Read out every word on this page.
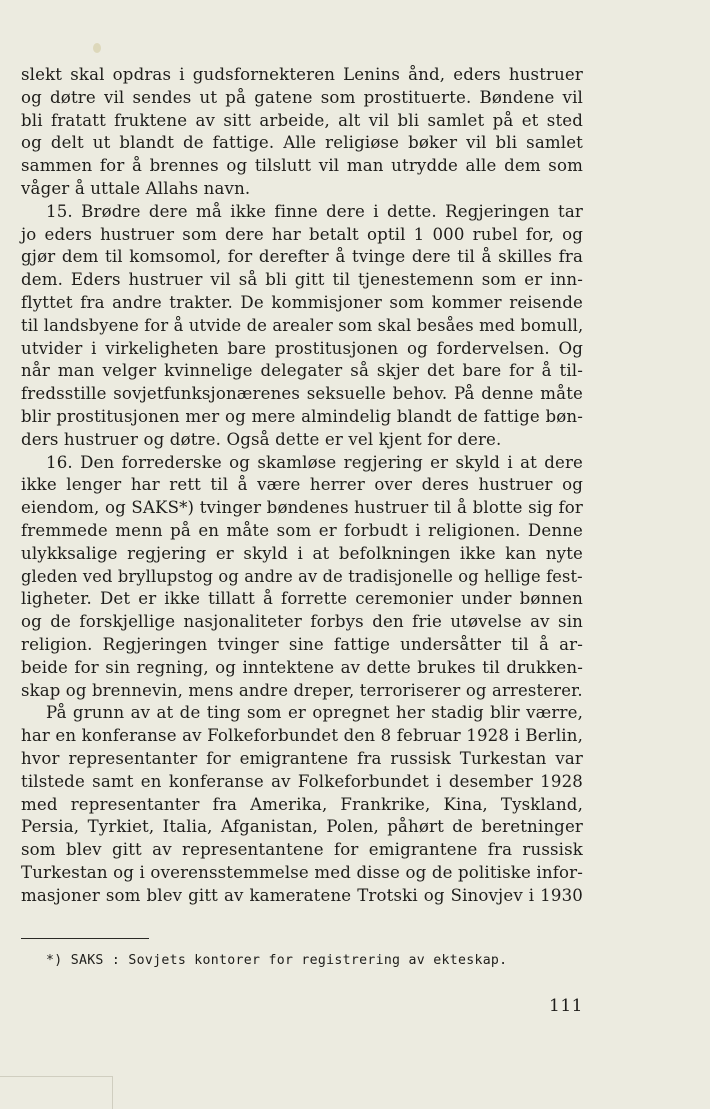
slekt skal opdras i gudsfornekteren Lenins ånd, eders hustruer
og døtre vil sendes ut på gatene som prostituerte. Bøndene vil
bli fratatt fruktene av sitt arbeide, alt vil bli samlet på et sted
og delt ut blandt de fattige. Alle religiøse bøker vil bli samlet
sammen for å brennes og tilslutt vil man utrydde alle dem som
våger å uttale Allahs navn.
15. Brødre dere må ikke finne dere i dette. Regjeringen tar
jo eders hustruer som dere har betalt optil 1 000 rubel for, og
gjør dem til komsomol, for derefter å tvinge dere til å skilles fra
dem. Eders hustruer vil så bli gitt til tjenestemenn som er inn-
flyttet fra andre trakter. De kommisjoner som kommer reisende
til landsbyene for å utvide de arealer som skal besåes med bomull,
utvider i virkeligheten bare prostitusjonen og fordervelsen. Og
når man velger kvinnelige delegater så skjer det bare for å til-
fredsstille sovjetfunksjonærenes seksuelle behov. På denne måte
blir prostitusjonen mer og mere almindelig blandt de fattige bøn-
ders hustruer og døtre. Også dette er vel kjent for dere.
16. Den forrederske og skamløse regjering er skyld i at dere
ikke lenger har rett til å være herrer over deres hustruer og
eiendom, og SAKS*) tvinger bøndenes hustruer til å blotte sig for
fremmede menn på en måte som er forbudt i religionen. Denne
ulykksalige regjering er skyld i at befolkningen ikke kan nyte
gleden ved bryllupstog og andre av de tradisjonelle og hellige fest-
ligheter. Det er ikke tillatt å forrette ceremonier under bønnen
og de forskjellige nasjonaliteter forbys den frie utøvelse av sin
religion. Regjeringen tvinger sine fattige undersåtter til å ar-
beide for sin regning, og inntektene av dette brukes til drukken-
skap og brennevin, mens andre dreper, terroriserer og arresterer.
På grunn av at de ting som er opregnet her stadig blir værre,
har en konferanse av Folkeforbundet den 8 februar 1928 i Berlin,
hvor representanter for emigrantene fra russisk Turkestan var
tilstede samt en konferanse av Folkeforbundet i desember 1928
med representanter fra Amerika, Frankrike, Kina, Tyskland,
Persia, Tyrkiet, Italia, Afganistan, Polen, påhørt de beretninger
som blev gitt av representantene for emigrantene fra russisk
Turkestan og i overensstemmelse med disse og de politiske infor-
masjoner som blev gitt av kameratene Trotski og Sinovjev i 1930
*) SAKS : Sovjets kontorer for registrering av ekteskap.
111
